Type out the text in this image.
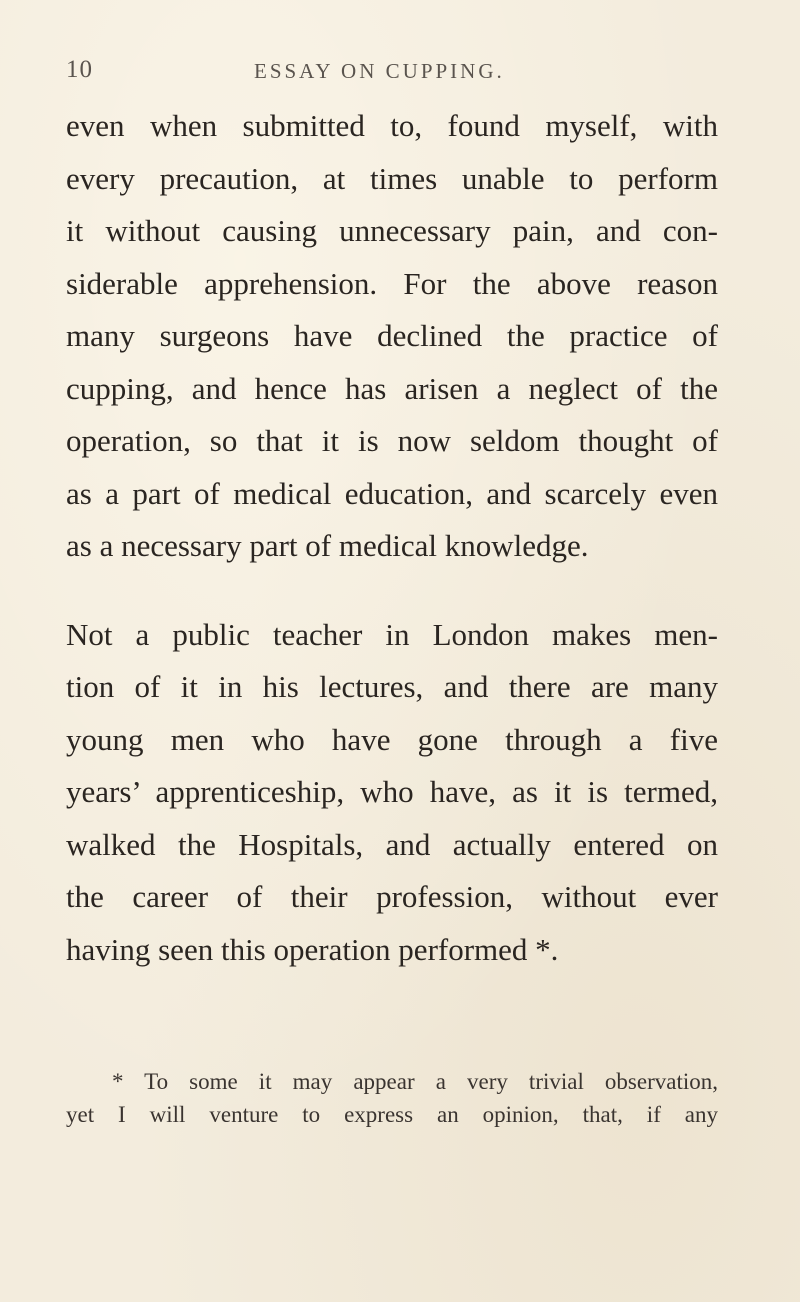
10	ESSAY ON CUPPING.

even when submitted to, found myself, with
every precaution, at times unable to perform
it without causing unnecessary pain, and con-
siderable apprehension. For the above reason
many surgeons have declined the practice of
cupping, and hence has arisen a neglect of the
operation, so that it is now seldom thought of
as a part of medical education, and scarcely even
as a necessary part of medical knowledge.

Not a public teacher in London makes men-
tion of it in his lectures, and there are many
young men who have gone through a five
years’ apprenticeship, who have, as it is termed,
walked the Hospitals, and actually entered on
the career of their profession, without ever
having seen this operation performed *.

* To some it may appear a very trivial observation,
yet I will venture to express an opinion, that, if any
